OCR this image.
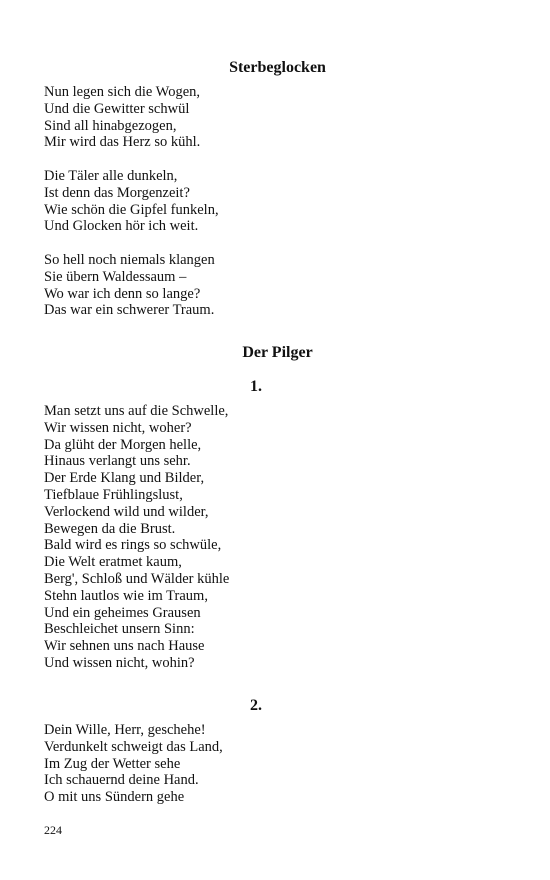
Sterbeglocken
Nun legen sich die Wogen,
Und die Gewitter schwül
Sind all hinabgezogen,
Mir wird das Herz so kühl.
Die Täler alle dunkeln,
Ist denn das Morgenzeit?
Wie schön die Gipfel funkeln,
Und Glocken hör ich weit.
So hell noch niemals klangen
Sie übern Waldessaum –
Wo war ich denn so lange?
Das war ein schwerer Traum.
Der Pilger
1.
Man setzt uns auf die Schwelle,
Wir wissen nicht, woher?
Da glüht der Morgen helle,
Hinaus verlangt uns sehr.
Der Erde Klang und Bilder,
Tiefblaue Frühlingslust,
Verlockend wild und wilder,
Bewegen da die Brust.
Bald wird es rings so schwüle,
Die Welt eratmet kaum,
Berg', Schloß und Wälder kühle
Stehn lautlos wie im Traum,
Und ein geheimes Grausen
Beschleichet unsern Sinn:
Wir sehnen uns nach Hause
Und wissen nicht, wohin?
2.
Dein Wille, Herr, geschehe!
Verdunkelt schweigt das Land,
Im Zug der Wetter sehe
Ich schauernd deine Hand.
O mit uns Sündern gehe
224
